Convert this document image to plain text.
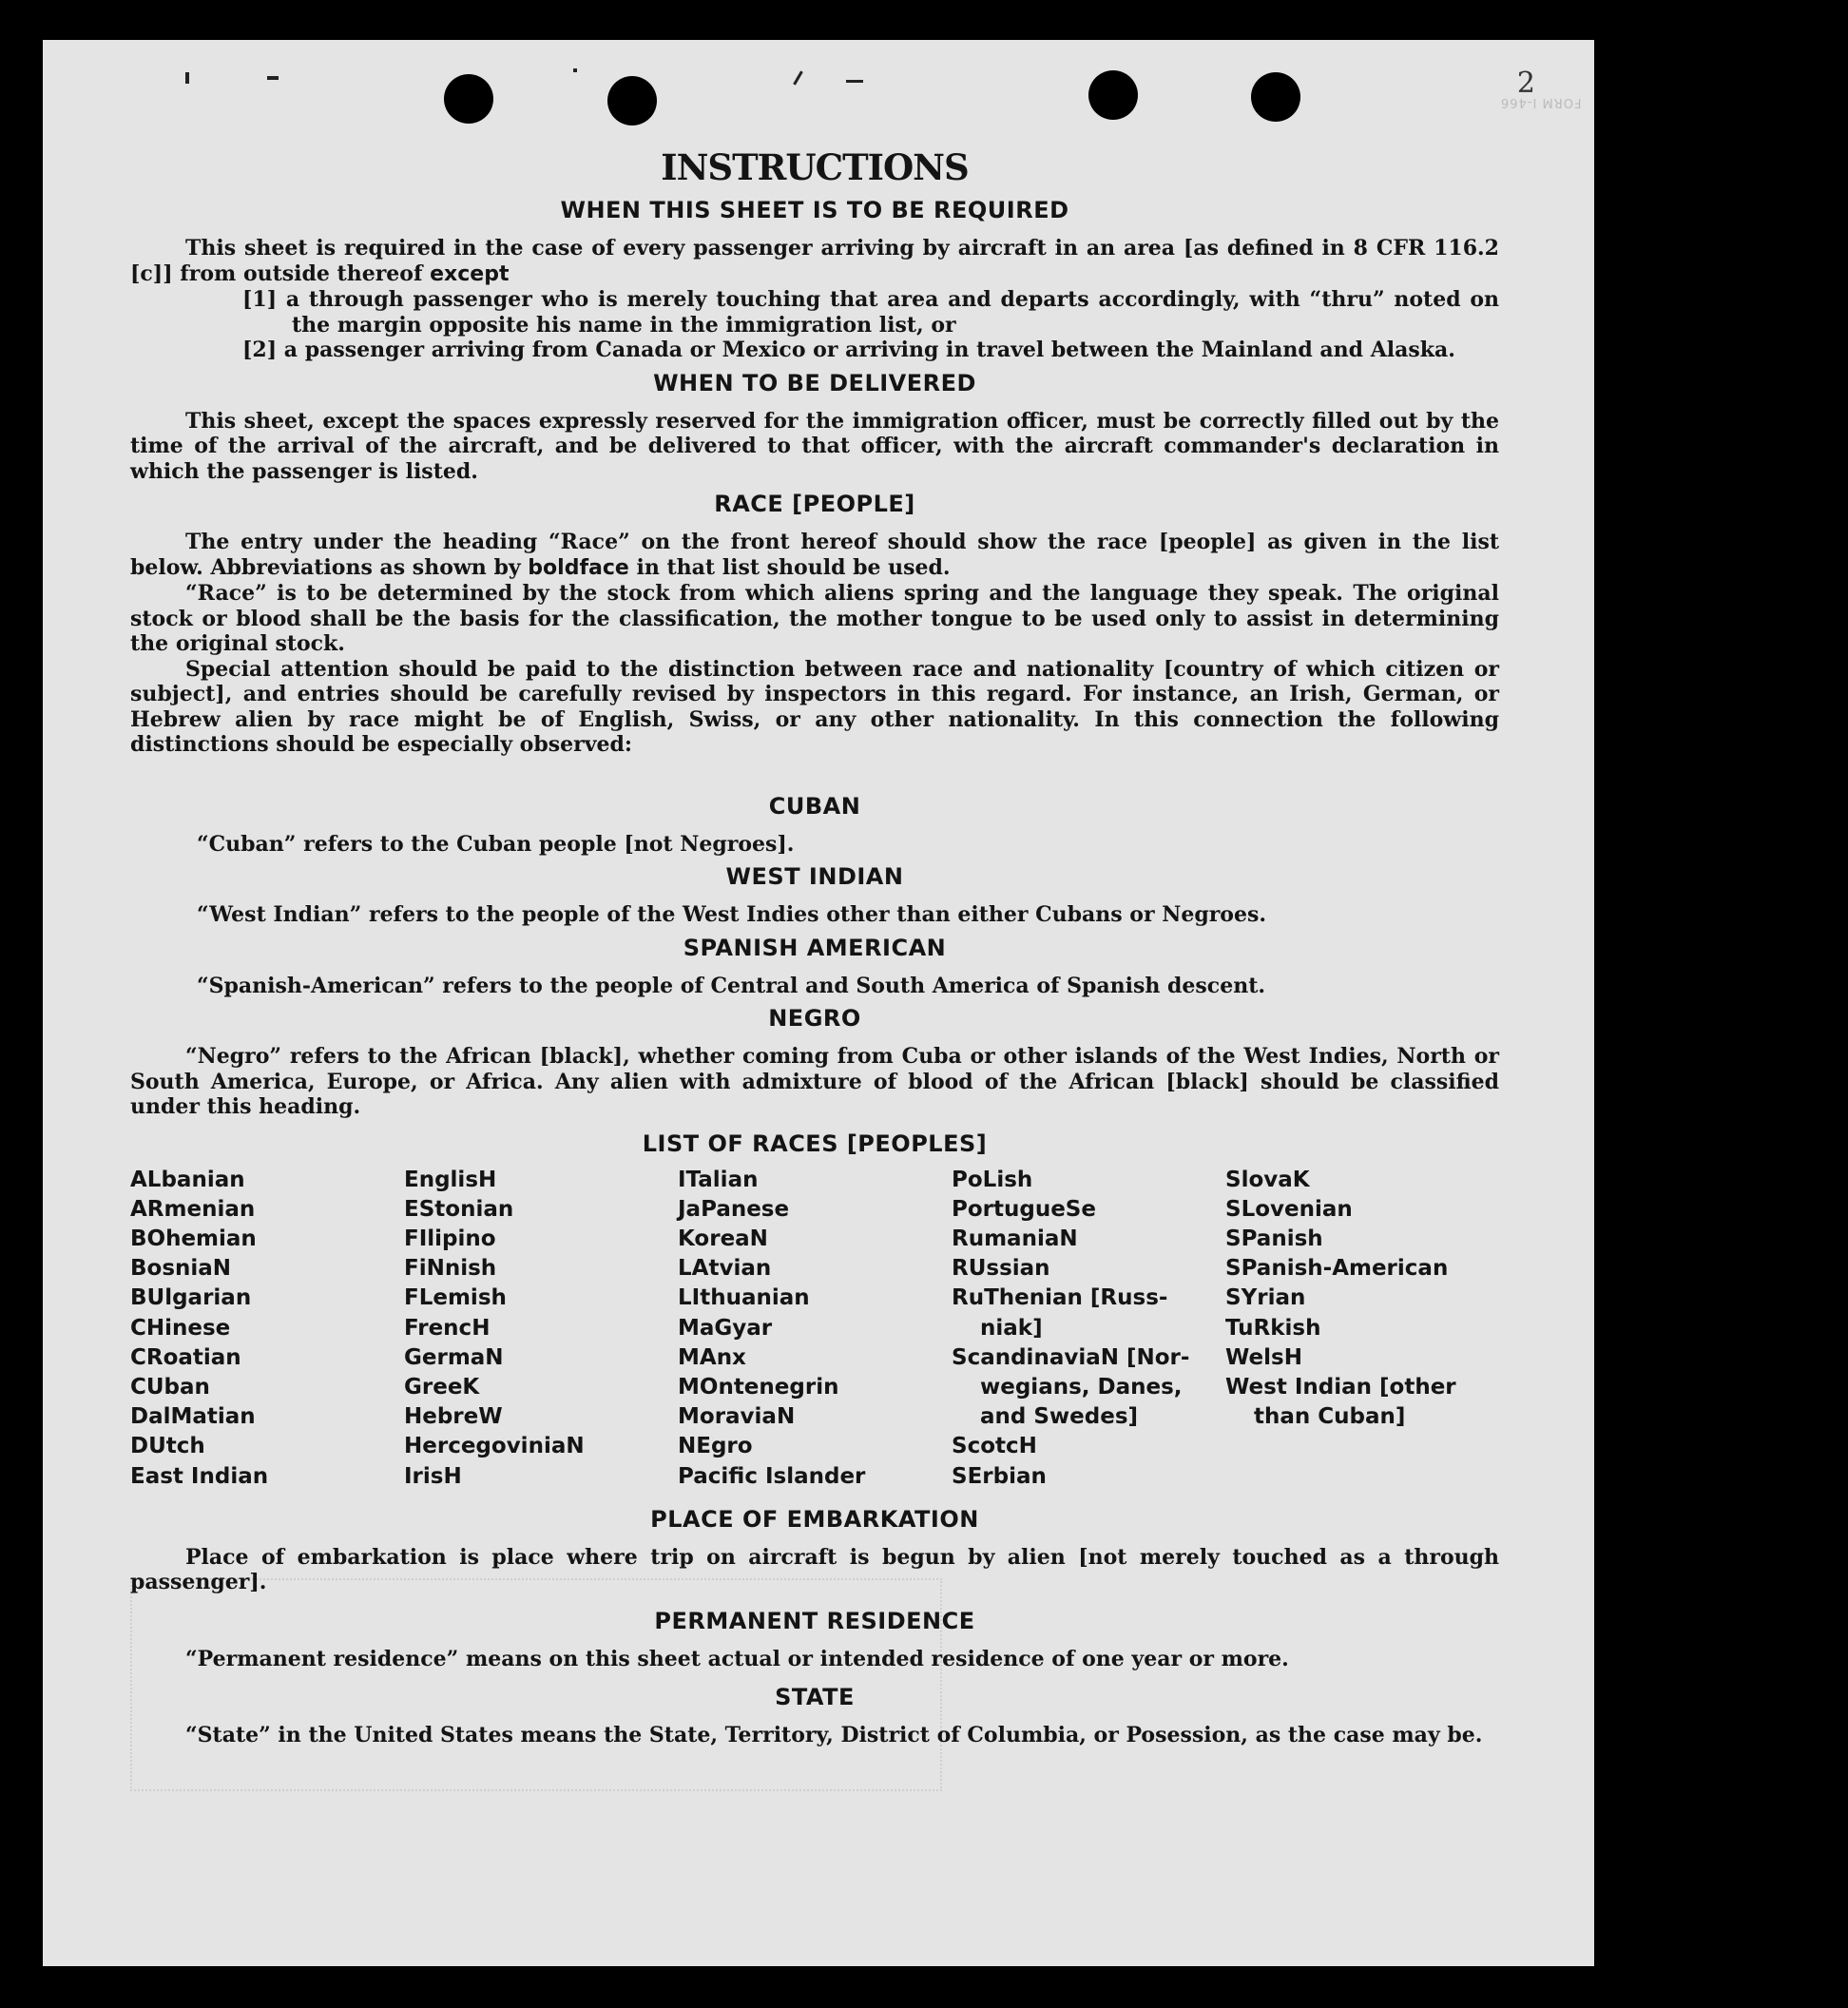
2
FORM I-466
INSTRUCTIONS
WHEN THIS SHEET IS TO BE REQUIRED

This sheet is required in the case of every passenger arriving by aircraft in an area [as defined in 8 CFR 116.2 [c]] from outside thereof except

[1] a through passenger who is merely touching that area and departs accordingly, with “thru” noted on the margin opposite his name in the immigration list, or
[2] a passenger arriving from Canada or Mexico or arriving in travel between the Mainland and Alaska.
WHEN TO BE DELIVERED

This sheet, except the spaces expressly reserved for the immigration officer, must be correctly filled out by the time of the arrival of the aircraft, and be delivered to that officer, with the aircraft commander's declaration in which the passenger is listed.

RACE [PEOPLE]

The entry under the heading “Race” on the front hereof should show the race [people] as given in the list below. Abbreviations as shown by boldface in that list should be used.

“Race” is to be determined by the stock from which aliens spring and the language they speak. The original stock or blood shall be the basis for the classification, the mother tongue to be used only to assist in determining the original stock.

Special attention should be paid to the distinction between race and nationality [country of which citizen or subject], and entries should be carefully revised by inspectors in this regard. For instance, an Irish, German, or Hebrew alien by race might be of English, Swiss, or any other nationality. In this connection the following distinctions should be especially observed:

CUBAN

“Cuban” refers to the Cuban people [not Negroes].

WEST INDIAN

“West Indian” refers to the people of the West Indies other than either Cubans or Negroes.

SPANISH AMERICAN

“Spanish-American” refers to the people of Central and South America of Spanish descent.

NEGRO

“Negro” refers to the African [black], whether coming from Cuba or other islands of the West Indies, North or South America, Europe, or Africa. Any alien with admixture of blood of the African [black] should be classified under this heading.

LIST OF RACES [PEOPLES]
ALbanian
ARmenian
BOhemian
BosniaN
BUlgarian
CHinese
CRoatian
CUban
DalMatian
DUtch
East Indian
EnglisH
EStonian
FIlipino
FiNnish
FLemish
FrencH
GermaN
GreeK
HebreW
HercegoviniaN
IrisH
ITalian
JaPanese
KoreaN
LAtvian
LIthuanian
MaGyar
MAnx
MOntenegrin
MoraviaN
NEgro
Pacific Islander
PoLish
PortugueSe
RumaniaN
RUssian
RuThenian [Russ-
niak]
ScandinaviaN [Nor-
wegians, Danes,
and Swedes]
ScotcH
SErbian
SlovaK
SLovenian
SPanish
SPanish-American
SYrian
TuRkish
WelsH
West Indian [other
than Cuban]
PLACE OF EMBARKATION

Place of embarkation is place where trip on aircraft is begun by alien [not merely touched as a through passenger].

PERMANENT RESIDENCE

“Permanent residence” means on this sheet actual or intended residence of one year or more.

STATE

“State” in the United States means the State, Territory, District of Columbia, or Posession, as the case may be.
